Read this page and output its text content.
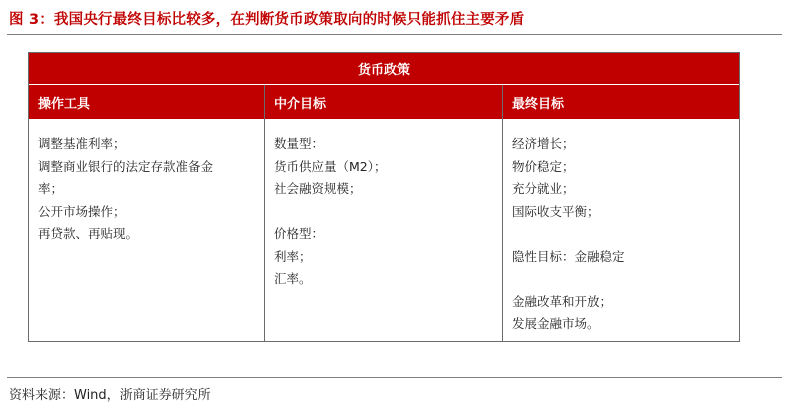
图 3：我国央行最终目标比较多，在判断货币政策取向的时候只能抓住主要矛盾
货币政策
操作工具	中介目标	最终目标
调整基准利率；
调整商业银行的法定存款准备金
率；
公开市场操作；
再贷款、再贴现。
数量型：
货币供应量（M2）；
社会融资规模；
价格型：
利率；
汇率。
经济增长；
物价稳定；
充分就业；
国际收支平衡；
隐性目标：金融稳定
金融改革和开放；
发展金融市场。
资料来源：Wind，浙商证券研究所
